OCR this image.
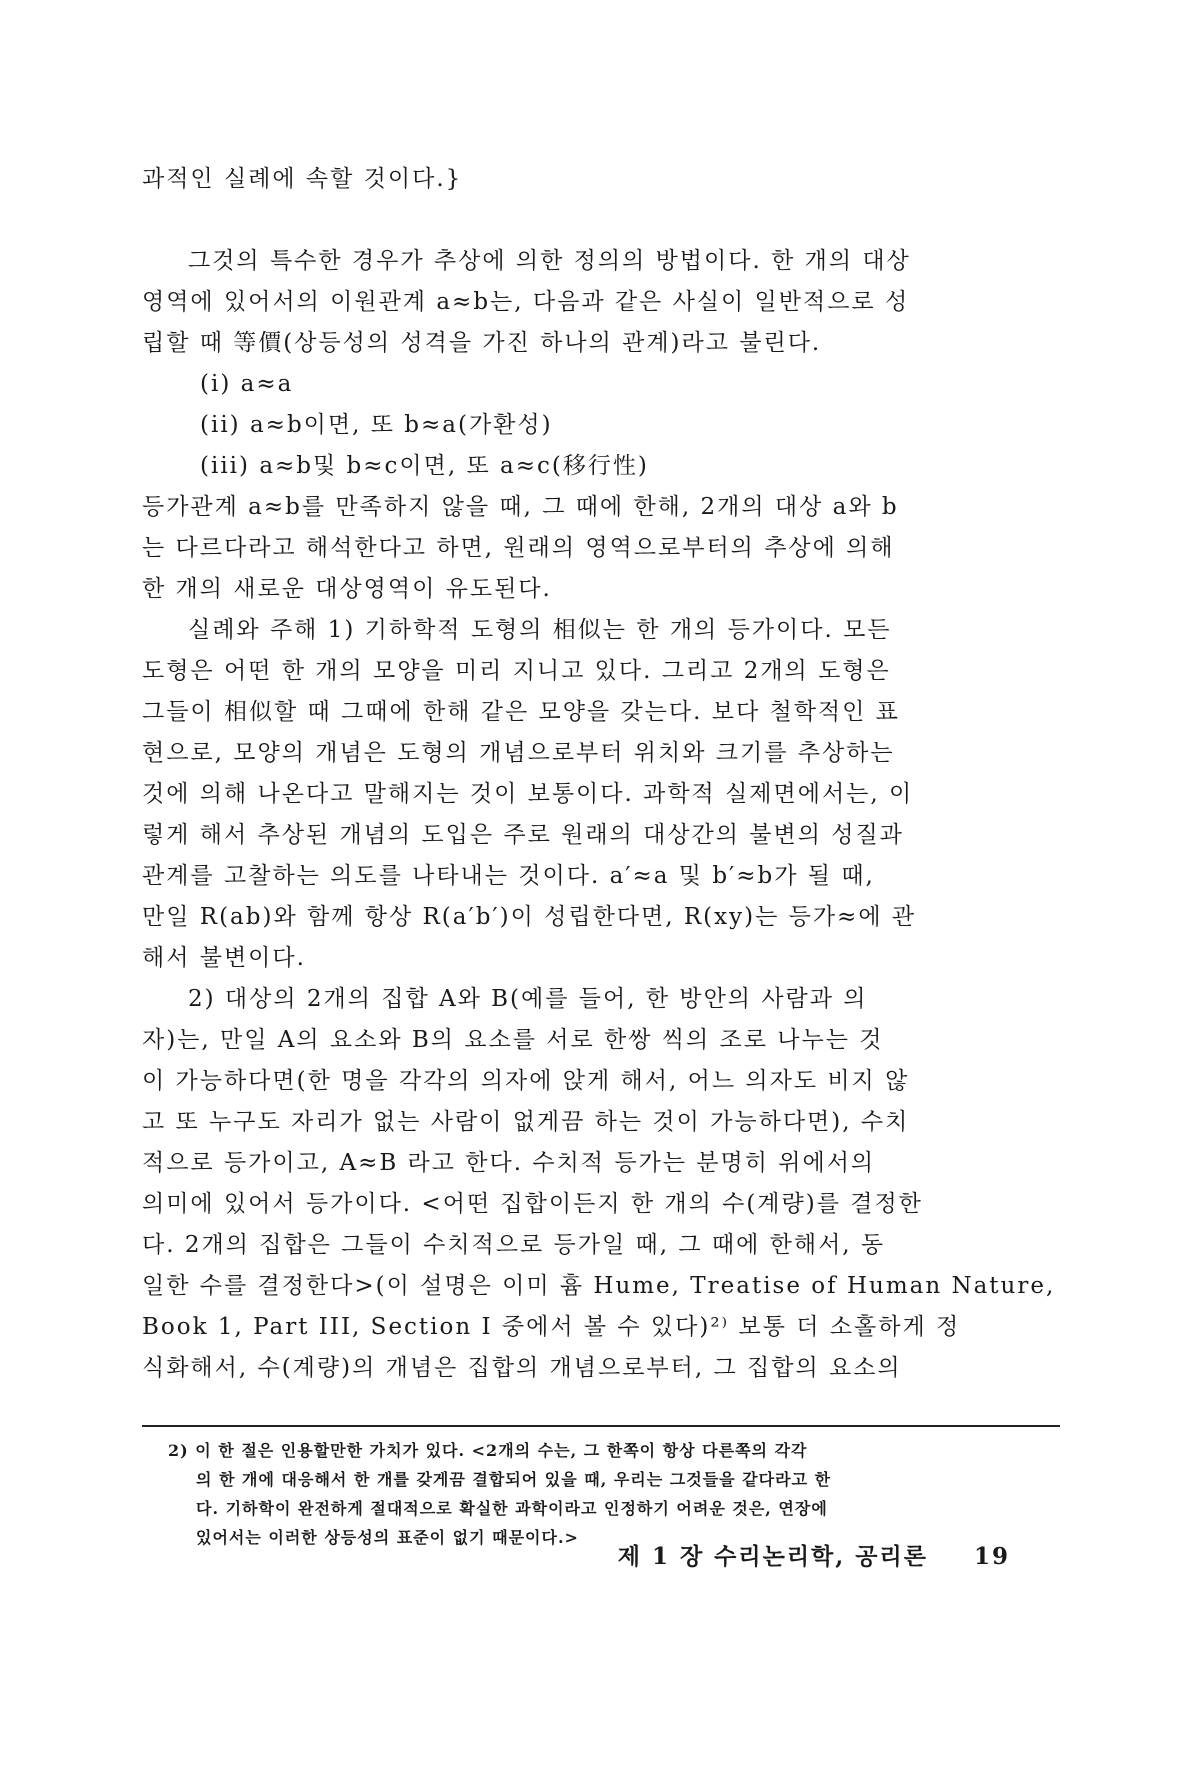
과적인 실례에 속할 것이다.}
그것의 특수한 경우가 추상에 의한 정의의 방법이다. 한 개의 대상
영역에 있어서의 이원관계 a≈b는, 다음과 같은 사실이 일반적으로 성
립할 때 等價(상등성의 성격을 가진 하나의 관계)라고 불린다.
(i) a≈a
(ii) a≈b이면, 또 b≈a(가환성)
(iii) a≈b및 b≈c이면, 또 a≈c(移行性)
등가관계 a≈b를 만족하지 않을 때, 그 때에 한해, 2개의 대상 a와 b
는 다르다라고 해석한다고 하면, 원래의 영역으로부터의 추상에 의해
한 개의 새로운 대상영역이 유도된다.
실례와 주해 1) 기하학적 도형의 相似는 한 개의 등가이다. 모든
도형은 어떤 한 개의 모양을 미리 지니고 있다. 그리고 2개의 도형은
그들이 相似할 때 그때에 한해 같은 모양을 갖는다. 보다 철학적인 표
현으로, 모양의 개념은 도형의 개념으로부터 위치와 크기를 추상하는
것에 의해 나온다고 말해지는 것이 보통이다. 과학적 실제면에서는, 이
렇게 해서 추상된 개념의 도입은 주로 원래의 대상간의 불변의 성질과
관계를 고찰하는 의도를 나타내는 것이다. a′≈a 및 b′≈b가 될 때,
만일 R(ab)와 함께 항상 R(a′b′)이 성립한다면, R(xy)는 등가≈에 관
해서 불변이다.
2) 대상의 2개의 집합 A와 B(예를 들어, 한 방안의 사람과 의
자)는, 만일 A의 요소와 B의 요소를 서로 한쌍 씩의 조로 나누는 것
이 가능하다면(한 명을 각각의 의자에 앉게 해서, 어느 의자도 비지 않
고 또 누구도 자리가 없는 사람이 없게끔 하는 것이 가능하다면), 수치
적으로 등가이고, A≈B 라고 한다. 수치적 등가는 분명히 위에서의
의미에 있어서 등가이다. <어떤 집합이든지 한 개의 수(계량)를 결정한
다. 2개의 집합은 그들이 수치적으로 등가일 때, 그 때에 한해서, 동
일한 수를 결정한다>(이 설명은 이미 흄 Hume, Treatise of Human Nature,
Book 1, Part III, Section I 중에서 볼 수 있다)²⁾ 보통 더 소홀하게 정
식화해서, 수(계량)의 개념은 집합의 개념으로부터, 그 집합의 요소의
2) 이 한 절은 인용할만한 가치가 있다. <2개의 수는, 그 한쪽이 항상 다른쪽의 각각
의 한 개에 대응해서 한 개를 갖게끔 결합되어 있을 때, 우리는 그것들을 같다라고 한
다. 기하학이 완전하게 절대적으로 확실한 과학이라고 인정하기 어려운 것은, 연장에
있어서는 이러한 상등성의 표준이 없기 때문이다.>
제 1 장 수리논리학, 공리론 19
